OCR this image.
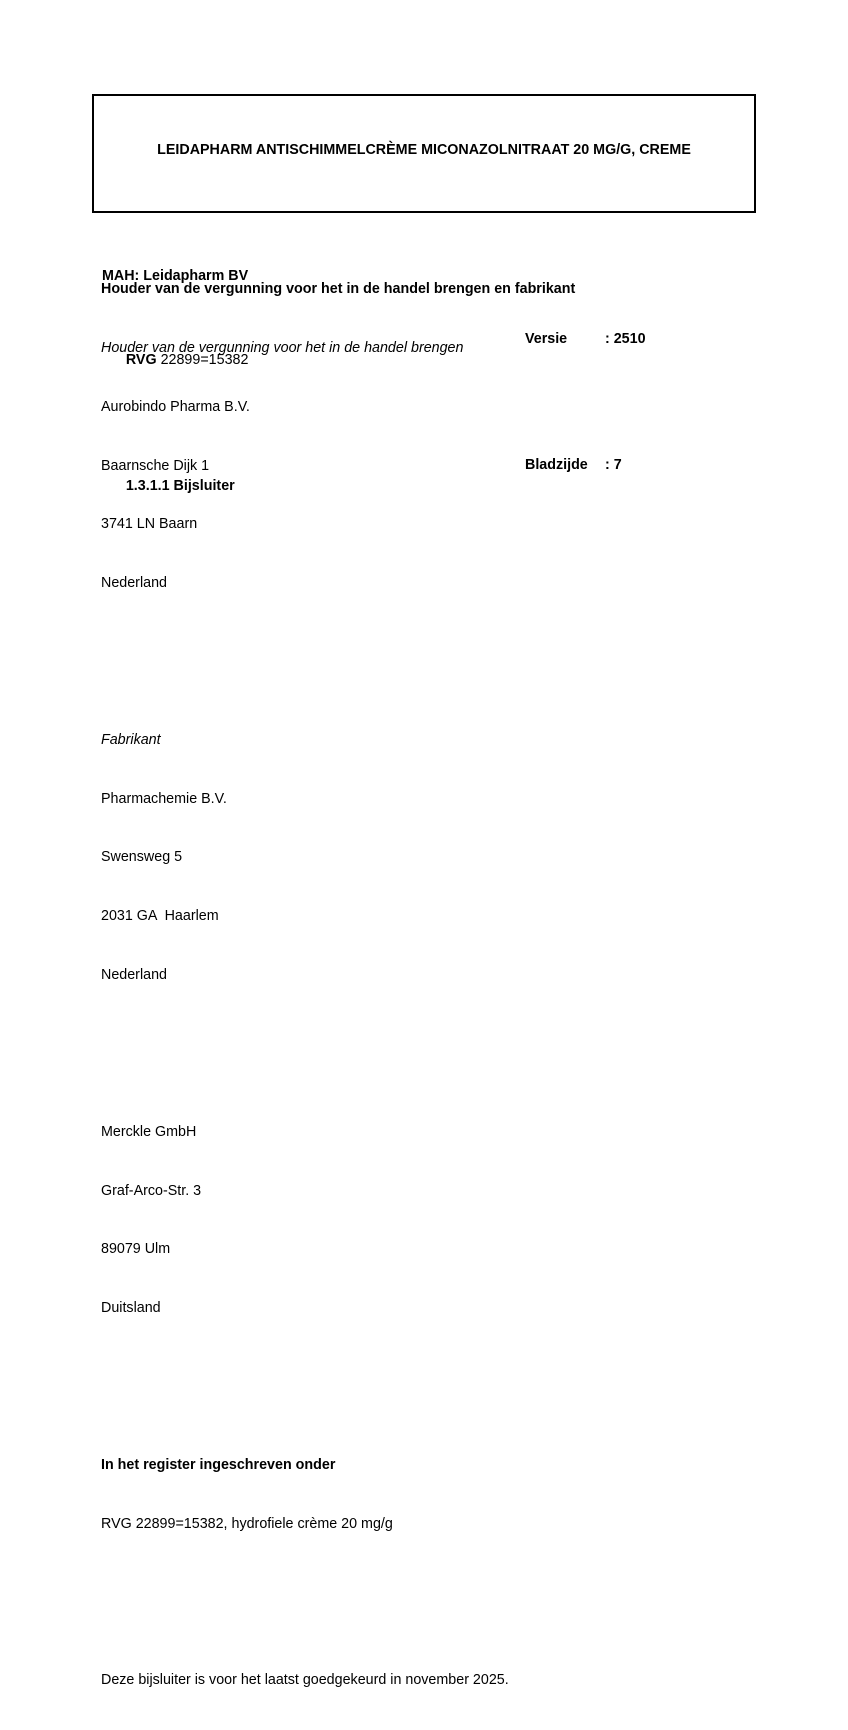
LEIDAPHARM ANTISCHIMMELCRÈME MICONAZOLNITRAAT 20 MG/G, CREME

MAH: Leidapharm BV

RVG 22899=15382

Versie	: 2510

1.3.1.1 Bijsluiter

Bladzijde	: 7

Houder van de vergunning voor het in de handel brengen en fabrikant

Houder van de vergunning voor het in de handel brengen

Aurobindo Pharma B.V.

Baarnsche Dijk 1

3741 LN Baarn

Nederland

Fabrikant

Pharmachemie B.V.

Swensweg 5

2031 GA  Haarlem

Nederland

Merckle GmbH

Graf-Arco-Str. 3

89079 Ulm

Duitsland

In het register ingeschreven onder

RVG 22899=15382, hydrofiele crème 20 mg/g

Deze bijsluiter is voor het laatst goedgekeurd in november 2025.
